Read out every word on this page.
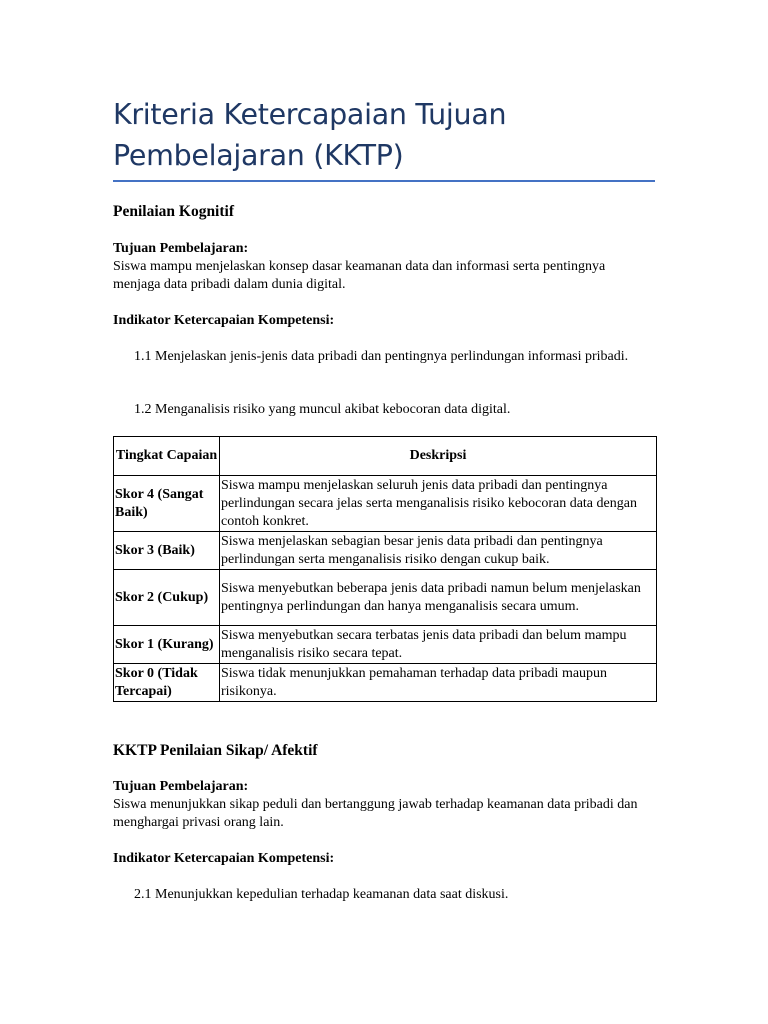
Kriteria Ketercapaian Tujuan Pembelajaran (KKTP)
Penilaian Kognitif
Tujuan Pembelajaran:
Siswa mampu menjelaskan konsep dasar keamanan data dan informasi serta pentingnya menjaga data pribadi dalam dunia digital.
Indikator Ketercapaian Kompetensi:
1.1 Menjelaskan jenis-jenis data pribadi dan pentingnya perlindungan informasi pribadi.
1.2 Menganalisis risiko yang muncul akibat kebocoran data digital.
Tingkat Capaian	Deskripsi
Skor 4 (Sangat Baik)	Siswa mampu menjelaskan seluruh jenis data pribadi dan pentingnya perlindungan secara jelas serta menganalisis risiko kebocoran data dengan contoh konkret.
Skor 3 (Baik)	Siswa menjelaskan sebagian besar jenis data pribadi dan pentingnya perlindungan serta menganalisis risiko dengan cukup baik.
Skor 2 (Cukup)	Siswa menyebutkan beberapa jenis data pribadi namun belum menjelaskan pentingnya perlindungan dan hanya menganalisis secara umum.
Skor 1 (Kurang)	Siswa menyebutkan secara terbatas jenis data pribadi dan belum mampu menganalisis risiko secara tepat.
Skor 0 (Tidak Tercapai)	Siswa tidak menunjukkan pemahaman terhadap data pribadi maupun risikonya.
KKTP Penilaian Sikap/ Afektif
Tujuan Pembelajaran:
Siswa menunjukkan sikap peduli dan bertanggung jawab terhadap keamanan data pribadi dan menghargai privasi orang lain.
Indikator Ketercapaian Kompetensi:
2.1 Menunjukkan kepedulian terhadap keamanan data saat diskusi.
